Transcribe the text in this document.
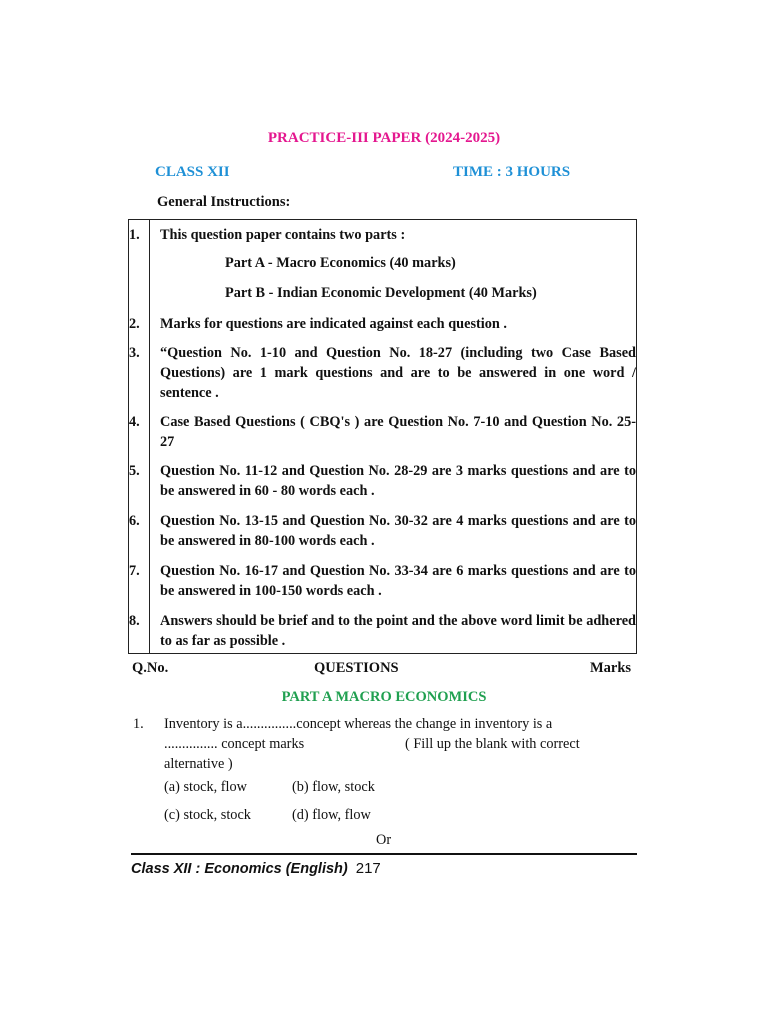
PRACTICE-III PAPER (2024-2025)
CLASS XII	TIME : 3 HOURS
General Instructions:
1.	This question paper contains two parts :
Part A - Macro Economics (40 marks)
Part B - Indian Economic Development (40 Marks)
2.	Marks for questions are indicated against each question .
3.	“Question No. 1-10 and Question No. 18-27 (including two Case Based Questions) are 1 mark questions and are to be answered in one word / sentence .
4.	Case Based Questions ( CBQ's ) are Question No. 7-10 and Question No. 25-27
5.	Question No. 11-12 and Question No. 28-29 are 3 marks questions and are to be answered in 60 - 80 words each .
6.	Question No. 13-15 and Question No. 30-32 are 4 marks questions and are to be answered in 80-100 words each .
7.	Question No. 16-17 and Question No. 33-34 are 6 marks questions and are to be answered in 100-150 words each .
8.	Answers should be brief and to the point and the above word limit be adhered to as far as possible .
Q.No.	QUESTIONS	Marks
PART A MACRO ECONOMICS
1. Inventory is a...............concept whereas the change in inventory is a
............... concept marks	( Fill up the blank with correct
alternative )
(a) stock, flow	(b) flow, stock
(c) stock, stock	(d) flow, flow
Or
Class XII : Economics (English) 217
